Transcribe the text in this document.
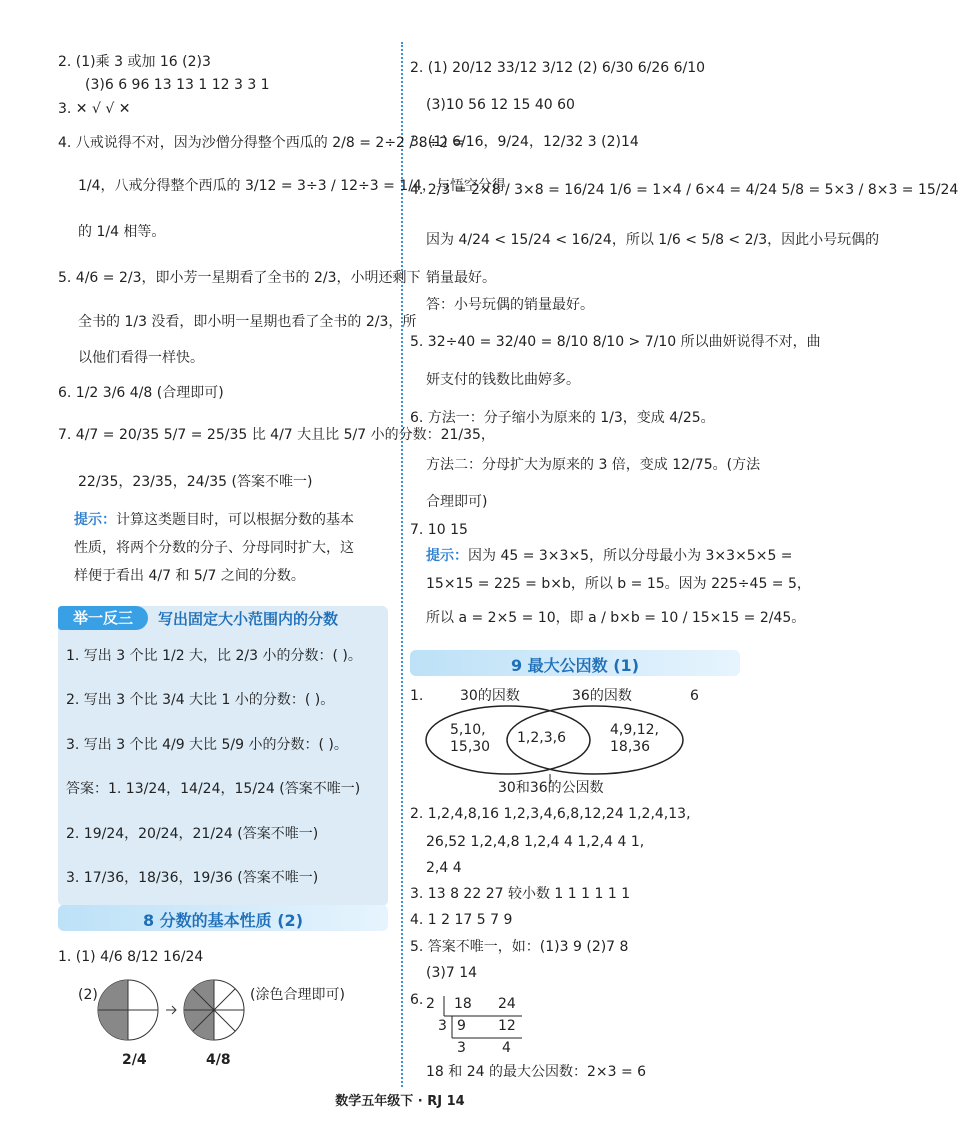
2. (1)乘 3 或加 16 (2)3
(3)6 6 96 13 13 1 12 3 3 1
3. ✕ √ √ ✕
4. 八戒说得不对，因为沙僧分得整个西瓜的 2/8 = 2÷2 / 8÷2 =
1/4，八戒分得整个西瓜的 3/12 = 3÷3 / 12÷3 = 1/4，与悟空分得
的 1/4 相等。
5. 4/6 = 2/3，即小芳一星期看了全书的 2/3，小明还剩下
全书的 1/3 没看，即小明一星期也看了全书的 2/3，所
以他们看得一样快。
6. 1/2 3/6 4/8 (合理即可)
7. 4/7 = 20/35 5/7 = 25/35 比 4/7 大且比 5/7 小的分数：21/35，
22/35，23/35，24/35 (答案不唯一)
提示：计算这类题目时，可以根据分数的基本
性质，将两个分数的分子、分母同时扩大，这
样便于看出 4/7 和 5/7 之间的分数。
举一反三	写出固定大小范围内的分数
1. 写出 3 个比 1/2 大，比 2/3 小的分数：( )。
2. 写出 3 个比 3/4 大比 1 小的分数：( )。
3. 写出 3 个比 4/9 大比 5/9 小的分数：( )。
答案：1. 13/24，14/24，15/24 (答案不唯一)
2. 19/24，20/24，21/24 (答案不唯一)
3. 17/36，18/36，19/36 (答案不唯一)
8 分数的基本性质 (2)
1. (1) 4/6 8/12 16/24
(2)	(涂色合理即可)
2/4	4/8
2. (1) 20/12 33/12 3/12 (2) 6/30 6/26 6/10
(3)10 56 12 15 40 60
3. (1) 6/16，9/24，12/32 3 (2)14
4. 2/3 = 2×8 / 3×8 = 16/24 1/6 = 1×4 / 6×4 = 4/24 5/8 = 5×3 / 8×3 = 15/24
因为 4/24 < 15/24 < 16/24，所以 1/6 < 5/8 < 2/3，因此小号玩偶的
销量最好。
答：小号玩偶的销量最好。
5. 32÷40 = 32/40 = 8/10 8/10 > 7/10 所以曲妍说得不对，曲
妍支付的钱数比曲婷多。
6. 方法一：分子缩小为原来的 1/3，变成 4/25。
方法二：分母扩大为原来的 3 倍，变成 12/75。(方法
合理即可)
7. 10 15
提示：因为 45 = 3×3×5，所以分母最小为 3×3×5×5 =
15×15 = 225 = b×b，所以 b = 15。因为 225÷45 = 5，
所以 a = 2×5 = 10，即 a / b×b = 10 / 15×15 = 2/45。
9 最大公因数 (1)
1.	30的因数	36的因数	6
5,10,
15,30
1,2,3,6	4,9,12,
18,36
30和36的公因数
2. 1,2,4,8,16 1,2,3,4,6,8,12,24 1,2,4,13,
26,52 1,2,4,8 1,2,4 4 1,2,4 4 1,
2,4 4
3. 13 8 22 27 较小数 1 1 1 1 1 1
4. 1 2 17 5 7 9
5. 答案不唯一，如：(1)3 9 (2)7 8
(3)7 14
6. 2 18 24
3 9 12
3	4
18 和 24 的最大公因数：2×3 = 6
数学五年级下 · RJ 14
